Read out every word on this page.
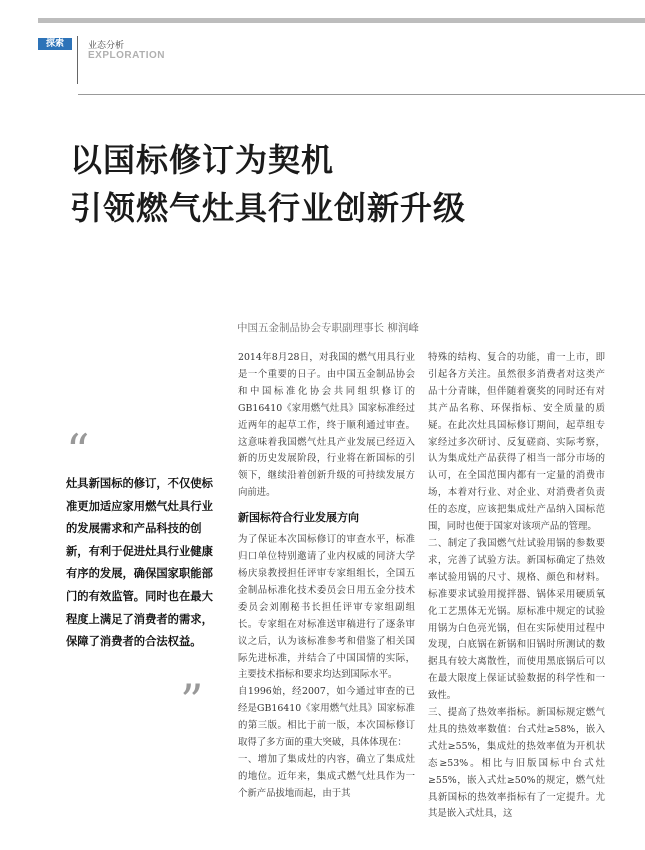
探索	业态分析
EXPLORATION
以国标修订为契机
引领燃气灶具行业创新升级
中国五金制品协会专职副理事长 柳润峰
“
灶具新国标的修订，不仅使标准更加适应家用燃气灶具行业的发展需求和产品科技的创新，有利于促进灶具行业健康有序的发展，确保国家职能部门的有效监管。同时也在最大程度上满足了消费者的需求，保障了消费者的合法权益。
”

2014年8月28日，对我国的燃气用具行业是一个重要的日子。由中国五金制品协会和中国标准化协会共同组织修订的GB16410《家用燃气灶具》国家标准经过近两年的起草工作，终于顺利通过审查。这意味着我国燃气灶具产业发展已经迈入新的历史发展阶段，行业将在新国标的引领下，继续沿着创新升级的可持续发展方向前进。

新国标符合行业发展方向

为了保证本次国标修订的审查水平，标准归口单位特别邀请了业内权威的同济大学杨庆泉教授担任评审专家组组长，全国五金制品标准化技术委员会日用五金分技术委员会刘刚秘书长担任评审专家组副组长。专家组在对标准送审稿进行了逐条审议之后，认为该标准参考和借鉴了相关国际先进标准，并结合了中国国情的实际，主要技术指标和要求均达到国际水平。

自1996始，经2007，如今通过审查的已经是GB16410《家用燃气灶具》国家标准的第三版。相比于前一版，本次国标修订取得了多方面的重大突破，具体体现在：

一、增加了集成灶的内容，确立了集成灶的地位。近年来，集成式燃气灶具作为一个新产品拔地而起，由于其

特殊的结构、复合的功能，甫一上市，即引起各方关注。虽然很多消费者对这类产品十分青睐，但伴随着褒奖的同时还有对其产品名称、环保指标、安全质量的质疑。在此次灶具国标修订期间，起草组专家经过多次研讨、反复磋商、实际考察，认为集成灶产品获得了相当一部分市场的认可，在全国范围内都有一定量的消费市场，本着对行业、对企业、对消费者负责任的态度，应该把集成灶产品纳入国标范围，同时也便于国家对该项产品的管理。

二、制定了我国燃气灶试验用锅的参数要求，完善了试验方法。新国标确定了热效率试验用锅的尺寸、规格、颜色和材料。标准要求试验用搅拌器、锅体采用硬质氧化工艺黑体无光锅。原标准中规定的试验用锅为白色亮光锅，但在实际使用过程中发现，白底锅在新锅和旧锅时所测试的数据具有较大离散性，而使用黑底锅后可以在最大限度上保证试验数据的科学性和一致性。

三、提高了热效率指标。新国标规定燃气灶具的热效率数值：台式灶≥58%，嵌入式灶≥55%，集成灶的热效率值为开机状态≥53%。相比与旧版国标中台式灶≥55%，嵌入式灶≥50%的规定，燃气灶具新国标的热效率指标有了一定提升。尤其是嵌入式灶具，这
